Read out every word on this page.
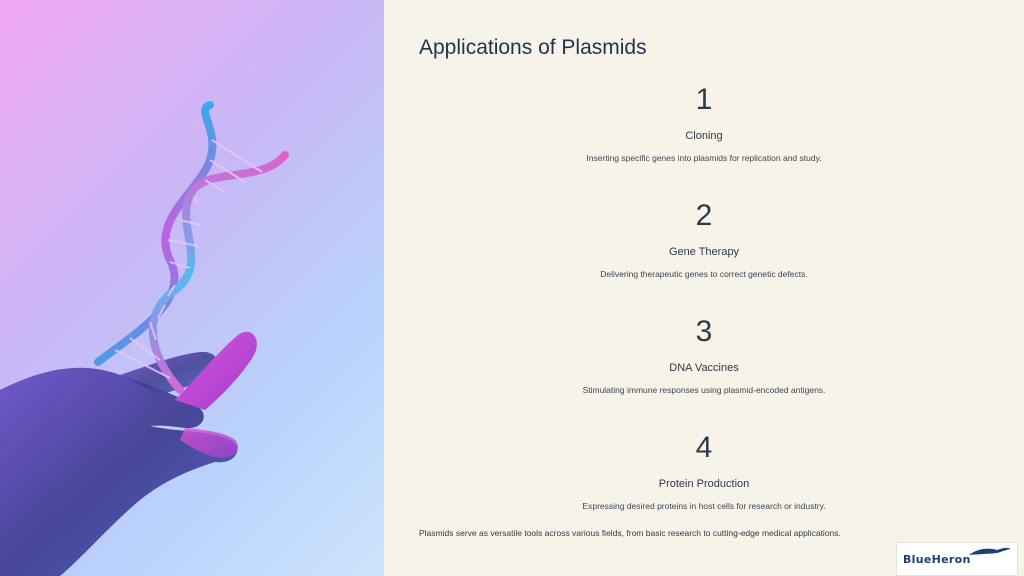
Applications of Plasmids
1
Cloning
Inserting specific genes into plasmids for replication and study.
2
Gene Therapy
Delivering therapeutic genes to correct genetic defects.
3
DNA Vaccines
Stimulating immune responses using plasmid-encoded antigens.
4
Protein Production
Expressing desired proteins in host cells for research or industry.

Plasmids serve as versatile tools across various fields, from basic research to cutting-edge medical applications.

BlueHeron
